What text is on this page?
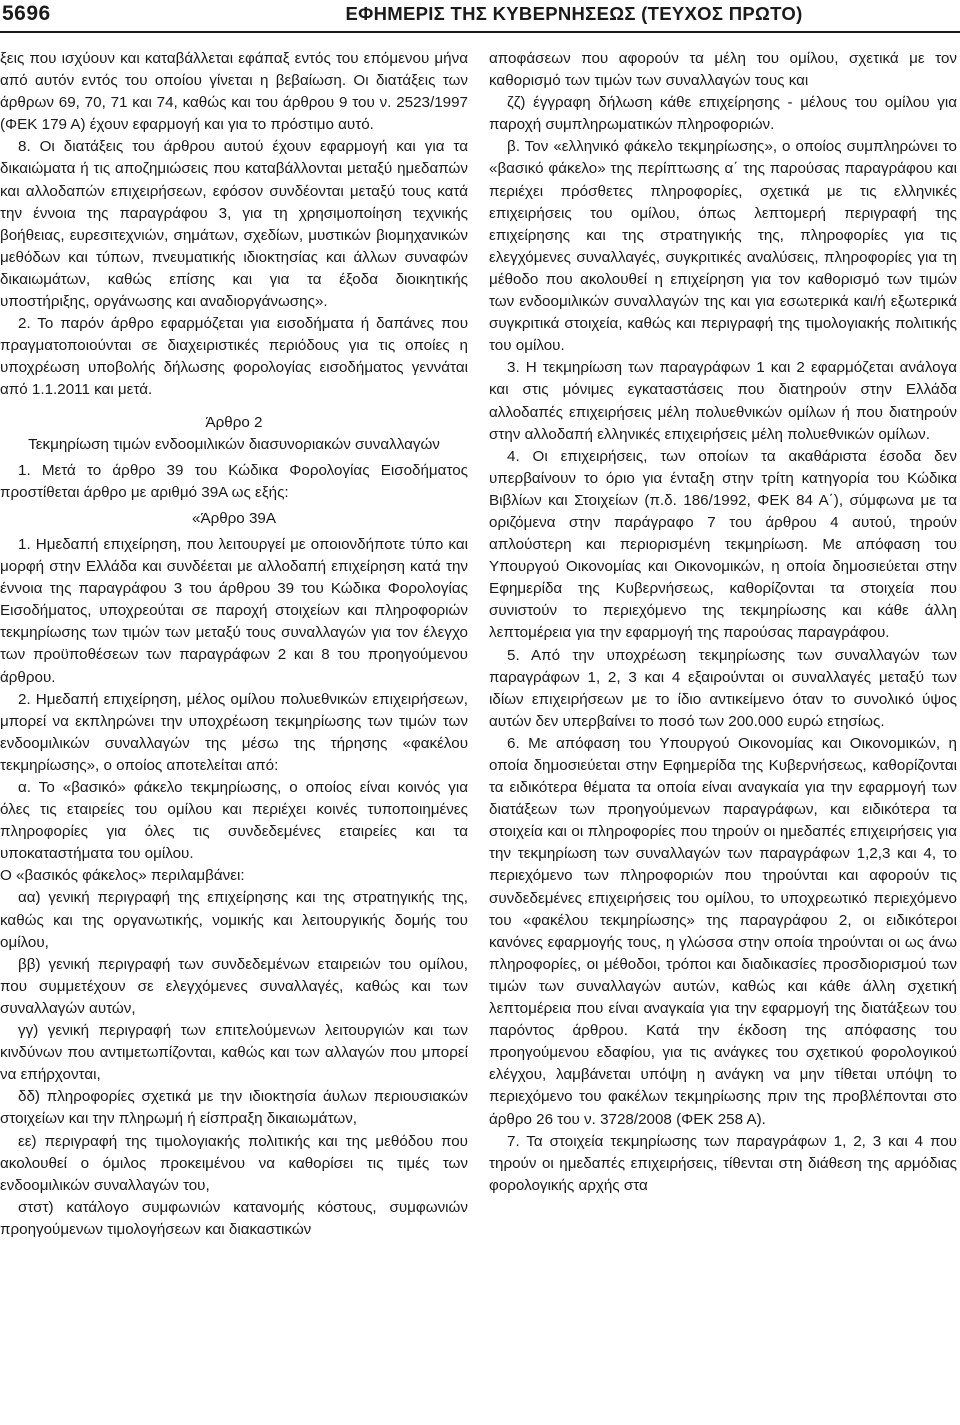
5696	ΕΦΗΜΕΡΙΣ ΤΗΣ ΚΥΒΕΡΝΗΣΕΩΣ (ΤΕΥΧΟΣ ΠΡΩΤΟ)

ξεις που ισχύουν και καταβάλλεται εφάπαξ εντός του επόμενου μήνα από αυτόν εντός του οποίου γίνεται η βεβαίωση. Οι διατάξεις των άρθρων 69, 70, 71 και 74, καθώς και του άρθρου 9 του ν. 2523/1997 (ΦΕΚ 179 Α) έχουν εφαρμογή και για το πρόστιμο αυτό.

8. Οι διατάξεις του άρθρου αυτού έχουν εφαρμογή και για τα δικαιώματα ή τις αποζημιώσεις που καταβάλλονται μεταξύ ημεδαπών και αλλοδαπών επιχειρήσεων, εφόσον συνδέονται μεταξύ τους κατά την έννοια της παραγράφου 3, για τη χρησιμοποίηση τεχνικής βοήθειας, ευρεσιτεχνιών, σημάτων, σχεδίων, μυστικών βιομηχανικών μεθόδων και τύπων, πνευματικής ιδιοκτησίας και άλλων συναφών δικαιωμάτων, καθώς επίσης και για τα έξοδα διοικητικής υποστήριξης, οργάνωσης και αναδιοργάνωσης».

2. Το παρόν άρθρο εφαρμόζεται για εισοδήματα ή δαπάνες που πραγματοποιούνται σε διαχειριστικές περιόδους για τις οποίες η υποχρέωση υποβολής δήλωσης φορολογίας εισοδήματος γεννάται από 1.1.2011 και μετά.

Άρθρο 2

Τεκμηρίωση τιμών ενδοομιλικών διασυνοριακών συναλλαγών

1. Μετά το άρθρο 39 του Κώδικα Φορολογίας Εισοδήματος προστίθεται άρθρο με αριθμό 39Α ως εξής:

«Άρθρο 39Α

1. Ημεδαπή επιχείρηση, που λειτουργεί με οποιονδήποτε τύπο και μορφή στην Ελλάδα και συνδέεται με αλλοδαπή επιχείρηση κατά την έννοια της παραγράφου 3 του άρθρου 39 του Κώδικα Φορολογίας Εισοδήματος, υποχρεούται σε παροχή στοιχείων και πληροφοριών τεκμηρίωσης των τιμών των μεταξύ τους συναλλαγών για τον έλεγχο των προϋποθέσεων των παραγράφων 2 και 8 του προηγούμενου άρθρου.

2. Ημεδαπή επιχείρηση, μέλος ομίλου πολυεθνικών επιχειρήσεων, μπορεί να εκπληρώνει την υποχρέωση τεκμηρίωσης των τιμών των ενδοομιλικών συναλλαγών της μέσω της τήρησης «φακέλου τεκμηρίωσης», ο οποίος αποτελείται από:

α. Το «βασικό» φάκελο τεκμηρίωσης, ο οποίος είναι κοινός για όλες τις εταιρείες του ομίλου και περιέχει κοινές τυποποιημένες πληροφορίες για όλες τις συνδεδεμένες εταιρείες και τα υποκαταστήματα του ομίλου.

Ο «βασικός φάκελος» περιλαμβάνει:

αα) γενική περιγραφή της επιχείρησης και της στρατηγικής της, καθώς και της οργανωτικής, νομικής και λειτουργικής δομής του ομίλου,

ββ) γενική περιγραφή των συνδεδεμένων εταιρειών του ομίλου, που συμμετέχουν σε ελεγχόμενες συναλλαγές, καθώς και των συναλλαγών αυτών,

γγ) γενική περιγραφή των επιτελούμενων λειτουργιών και των κινδύνων που αντιμετωπίζονται, καθώς και των αλλαγών που μπορεί να επήρχονται,

δδ) πληροφορίες σχετικά με την ιδιοκτησία άυλων περιουσιακών στοιχείων και την πληρωμή ή είσπραξη δικαιωμάτων,

εε) περιγραφή της τιμολογιακής πολιτικής και της μεθόδου που ακολουθεί ο όμιλος προκειμένου να καθορίσει τις τιμές των ενδοομιλικών συναλλαγών του,

στστ) κατάλογο συμφωνιών κατανομής κόστους, συμφωνιών προηγούμενων τιμολογήσεων και διακαστικών

αποφάσεων που αφορούν τα μέλη του ομίλου, σχετικά με τον καθορισμό των τιμών των συναλλαγών τους και

ζζ) έγγραφη δήλωση κάθε επιχείρησης - μέλους του ομίλου για παροχή συμπληρωματικών πληροφοριών.

β. Τον «ελληνικό φάκελο τεκμηρίωσης», ο οποίος συμπληρώνει το «βασικό φάκελο» της περίπτωσης α΄ της παρούσας παραγράφου και περιέχει πρόσθετες πληροφορίες, σχετικά με τις ελληνικές επιχειρήσεις του ομίλου, όπως λεπτομερή περιγραφή της επιχείρησης και της στρατηγικής της, πληροφορίες για τις ελεγχόμενες συναλλαγές, συγκριτικές αναλύσεις, πληροφορίες για τη μέθοδο που ακολουθεί η επιχείρηση για τον καθορισμό των τιμών των ενδοομιλικών συναλλαγών της και για εσωτερικά και/ή εξωτερικά συγκριτικά στοιχεία, καθώς και περιγραφή της τιμολογιακής πολιτικής του ομίλου.

3. Η τεκμηρίωση των παραγράφων 1 και 2 εφαρμόζεται ανάλογα και στις μόνιμες εγκαταστάσεις που διατηρούν στην Ελλάδα αλλοδαπές επιχειρήσεις μέλη πολυεθνικών ομίλων ή που διατηρούν στην αλλοδαπή ελληνικές επιχειρήσεις μέλη πολυεθνικών ομίλων.

4. Οι επιχειρήσεις, των οποίων τα ακαθάριστα έσοδα δεν υπερβαίνουν το όριο για ένταξη στην τρίτη κατηγορία του Κώδικα Βιβλίων και Στοιχείων (π.δ. 186/1992, ΦΕΚ 84 Α΄), σύμφωνα με τα οριζόμενα στην παράγραφο 7 του άρθρου 4 αυτού, τηρούν απλούστερη και περιορισμένη τεκμηρίωση. Με απόφαση του Υπουργού Οικονομίας και Οικονομικών, η οποία δημοσιεύεται στην Εφημερίδα της Κυβερνήσεως, καθορίζονται τα στοιχεία που συνιστούν το περιεχόμενο της τεκμηρίωσης και κάθε άλλη λεπτομέρεια για την εφαρμογή της παρούσας παραγράφου.

5. Από την υποχρέωση τεκμηρίωσης των συναλλαγών των παραγράφων 1, 2, 3 και 4 εξαιρούνται οι συναλλαγές μεταξύ των ιδίων επιχειρήσεων με το ίδιο αντικείμενο όταν το συνολικό ύψος αυτών δεν υπερβαίνει το ποσό των 200.000 ευρώ ετησίως.

6. Με απόφαση του Υπουργού Οικονομίας και Οικονομικών, η οποία δημοσιεύεται στην Εφημερίδα της Κυβερνήσεως, καθορίζονται τα ειδικότερα θέματα τα οποία είναι αναγκαία για την εφαρμογή των διατάξεων των προηγούμενων παραγράφων, και ειδικότερα τα στοιχεία και οι πληροφορίες που τηρούν οι ημεδαπές επιχειρήσεις για την τεκμηρίωση των συναλλαγών των παραγράφων 1,2,3 και 4, το περιεχόμενο των πληροφοριών που τηρούνται και αφορούν τις συνδεδεμένες επιχειρήσεις του ομίλου, το υποχρεωτικό περιεχόμενο του «φακέλου τεκμηρίωσης» της παραγράφου 2, οι ειδικότεροι κανόνες εφαρμογής τους, η γλώσσα στην οποία τηρούνται οι ως άνω πληροφορίες, οι μέθοδοι, τρόποι και διαδικασίες προσδιορισμού των τιμών των συναλλαγών αυτών, καθώς και κάθε άλλη σχετική λεπτομέρεια που είναι αναγκαία για την εφαρμογή της διατάξεων του παρόντος άρθρου. Κατά την έκδοση της απόφασης του προηγούμενου εδαφίου, για τις ανάγκες του σχετικού φορολογικού ελέγχου, λαμβάνεται υπόψη η ανάγκη να μην τίθεται υπόψη το περιεχόμενο του φακέλων τεκμηρίωσης πριν της προβλέπονται στο άρθρο 26 του ν. 3728/2008 (ΦΕΚ 258 Α).

7. Τα στοιχεία τεκμηρίωσης των παραγράφων 1, 2, 3 και 4 που τηρούν οι ημεδαπές επιχειρήσεις, τίθενται στη διάθεση της αρμόδιας φορολογικής αρχής στα
